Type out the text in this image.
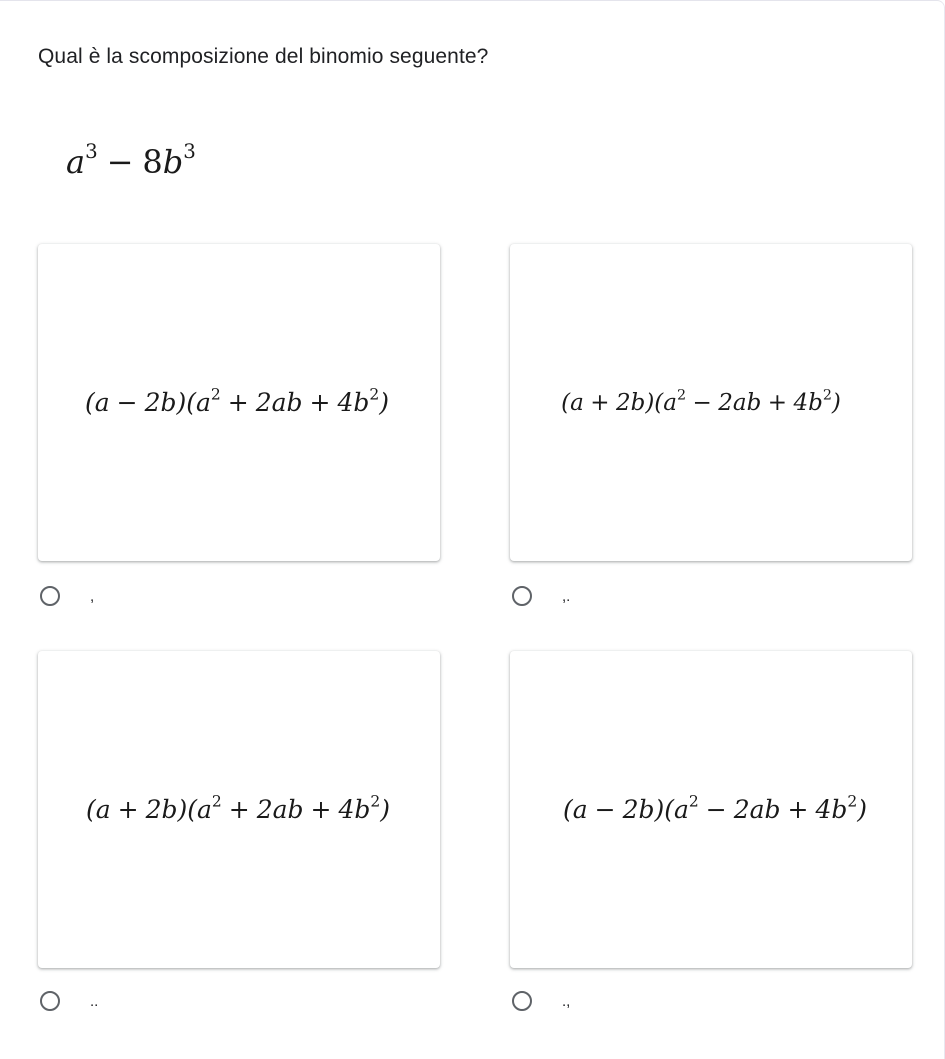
Qual è la scomposizione del binomio seguente?
$a^3 - 8b^3$
$(a - 2b)(a^2 + 2ab + 4b^2)$
,
$(a + 2b)(a^2 - 2ab + 4b^2)$
,.
$(a + 2b)(a^2 + 2ab + 4b^2)$
..
$(a - 2b)(a^2 - 2ab + 4b^2)$
.,
